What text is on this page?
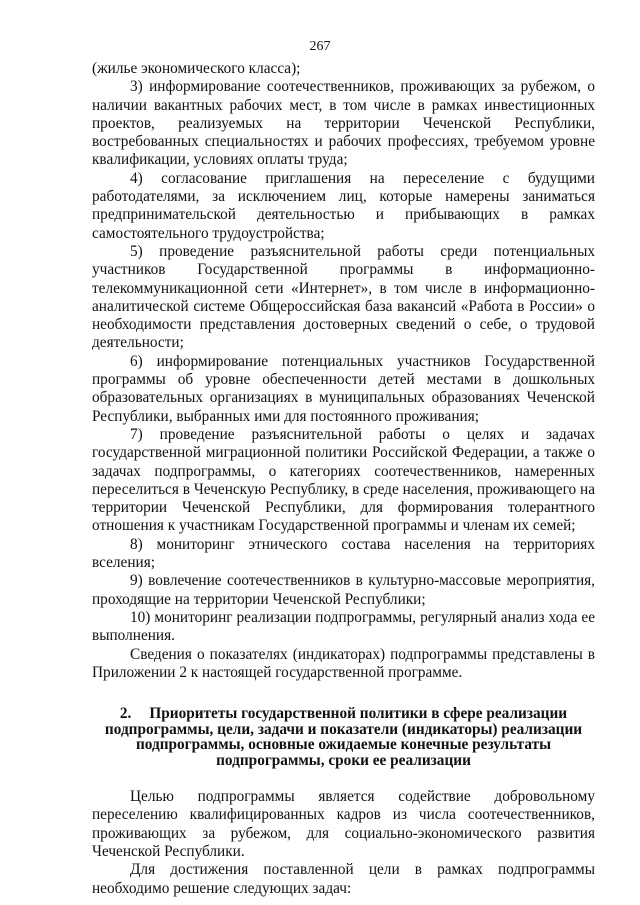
267

(жилье экономического класса);

3) информирование соотечественников, проживающих за рубежом, о наличии вакантных рабочих мест, в том числе в рамках инвестиционных проектов, реализуемых на территории Чеченской Республики, востребованных специальностях и рабочих профессиях, требуемом уровне квалификации, условиях оплаты труда;

4) согласование приглашения на переселение с будущими работодателями, за исключением лиц, которые намерены заниматься предпринимательской деятельностью и прибывающих в рамках самостоятельного трудоустройства;

5) проведение разъяснительной работы среди потенциальных участников Государственной программы в информационно-телекоммуникационной сети «Интернет», в том числе в информационно-аналитической системе Общероссийская база вакансий «Работа в России» о необходимости представления достоверных сведений о себе, о трудовой деятельности;

6) информирование потенциальных участников Государственной программы об уровне обеспеченности детей местами в дошкольных образовательных организациях в муниципальных образованиях Чеченской Республики, выбранных ими для постоянного проживания;

7) проведение разъяснительной работы о целях и задачах государственной миграционной политики Российской Федерации, а также о задачах подпрограммы, о категориях соотечественников, намеренных переселиться в Чеченскую Республику, в среде населения, проживающего на территории Чеченской Республики, для формирования толерантного отношения к участникам Государственной программы и членам их семей;

8) мониторинг этнического состава населения на территориях вселения;

9) вовлечение соотечественников в культурно-массовые мероприятия, проходящие на территории Чеченской Республики;

10) мониторинг реализации подпрограммы, регулярный анализ хода ее выполнения.

Сведения о показателях (индикаторах) подпрограммы представлены в Приложении 2 к настоящей государственной программе.

2. Приоритеты государственной политики в сфере реализации подпрограммы, цели, задачи и показатели (индикаторы) реализации подпрограммы, основные ожидаемые конечные результаты подпрограммы, сроки ее реализации

Целью подпрограммы является содействие добровольному переселению квалифицированных кадров из числа соотечественников, проживающих за рубежом, для социально-экономического развития Чеченской Республики.

Для достижения поставленной цели в рамках подпрограммы необходимо решение следующих задач:
